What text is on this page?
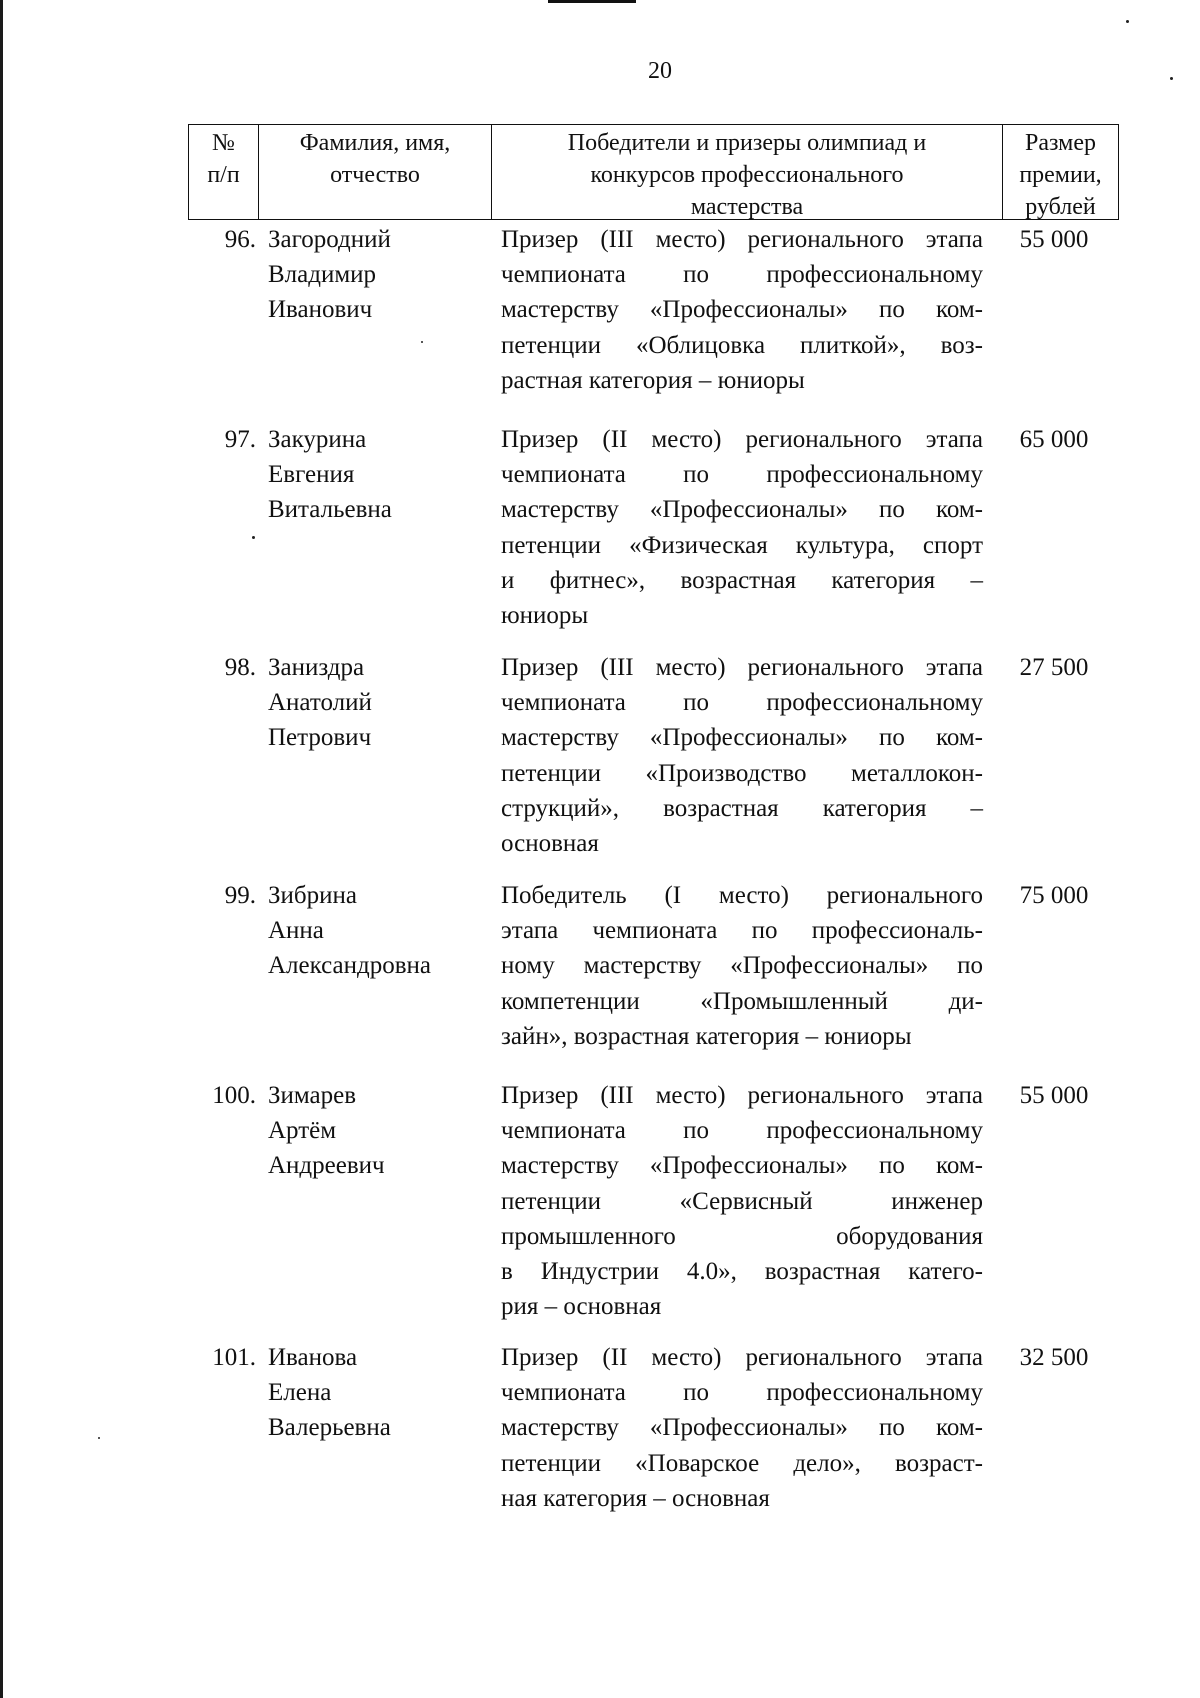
20
№
п/п
Фамилия, имя,
отчество
Победители и призеры олимпиад и
конкурсов профессионального
мастерства
Размер
премии,
рублей
96. Загородний
Владимир
Иванович
Призер (III место) регионального этапа
чемпионата по профессиональному
мастерству «Профессионалы» по ком-
петенции «Облицовка плиткой», воз-
растная категория – юниоры
55 000
97. Закурина
Евгения
Витальевна
Призер (II место) регионального этапа
чемпионата по профессиональному
мастерству «Профессионалы» по ком-
петенции «Физическая культура, спорт
и фитнес», возрастная категория –
юниоры
65 000
98. Заниздра
Анатолий
Петрович
Призер (III место) регионального этапа
чемпионата по профессиональному
мастерству «Профессионалы» по ком-
петенции «Производство металлокон-
струкций», возрастная категория –
основная
27 500
99. Зибрина
Анна
Александровна
Победитель (I место) регионального
этапа чемпионата по профессиональ-
ному мастерству «Профессионалы» по
компетенции «Промышленный ди-
зайн», возрастная категория – юниоры
75 000
100. Зимарев
Артём
Андреевич
Призер (III место) регионального этапа
чемпионата по профессиональному
мастерству «Профессионалы» по ком-
петенции «Сервисный инженер
промышленного оборудования
в Индустрии 4.0», возрастная катего-
рия – основная
55 000
101. Иванова
Елена
Валерьевна
Призер (II место) регионального этапа
чемпионата по профессиональному
мастерству «Профессионалы» по ком-
петенции «Поварское дело», возраст-
ная категория – основная
32 500
